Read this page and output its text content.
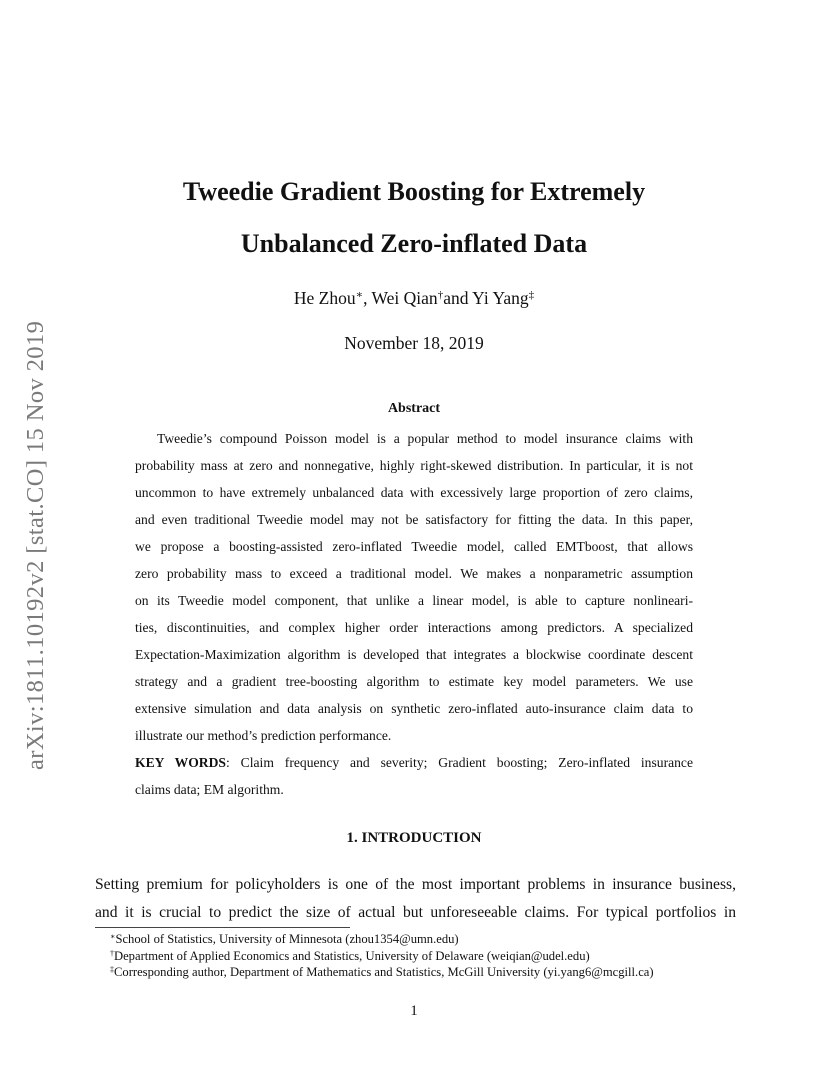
arXiv:1811.10192v2 [stat.CO] 15 Nov 2019
Tweedie Gradient Boosting for Extremely
Unbalanced Zero-inflated Data
He Zhou∗, Wei Qian†and Yi Yang‡
November 18, 2019
Abstract
Tweedie’s compound Poisson model is a popular method to model insurance claims with
probability mass at zero and nonnegative, highly right-skewed distribution. In particular, it is not
uncommon to have extremely unbalanced data with excessively large proportion of zero claims,
and even traditional Tweedie model may not be satisfactory for fitting the data. In this paper,
we propose a boosting-assisted zero-inflated Tweedie model, called EMTboost, that allows
zero probability mass to exceed a traditional model. We makes a nonparametric assumption
on its Tweedie model component, that unlike a linear model, is able to capture nonlineari-
ties, discontinuities, and complex higher order interactions among predictors. A specialized
Expectation-Maximization algorithm is developed that integrates a blockwise coordinate descent
strategy and a gradient tree-boosting algorithm to estimate key model parameters. We use
extensive simulation and data analysis on synthetic zero-inflated auto-insurance claim data to
illustrate our method’s prediction performance.
KEY WORDS: Claim frequency and severity; Gradient boosting; Zero-inflated insurance
claims data; EM algorithm.
1. INTRODUCTION
Setting premium for policyholders is one of the most important problems in insurance business,
and it is crucial to predict the size of actual but unforeseeable claims. For typical portfolios in
∗School of Statistics, University of Minnesota (zhou1354@umn.edu)
†Department of Applied Economics and Statistics, University of Delaware (weiqian@udel.edu)
‡Corresponding author, Department of Mathematics and Statistics, McGill University (yi.yang6@mcgill.ca)
1
